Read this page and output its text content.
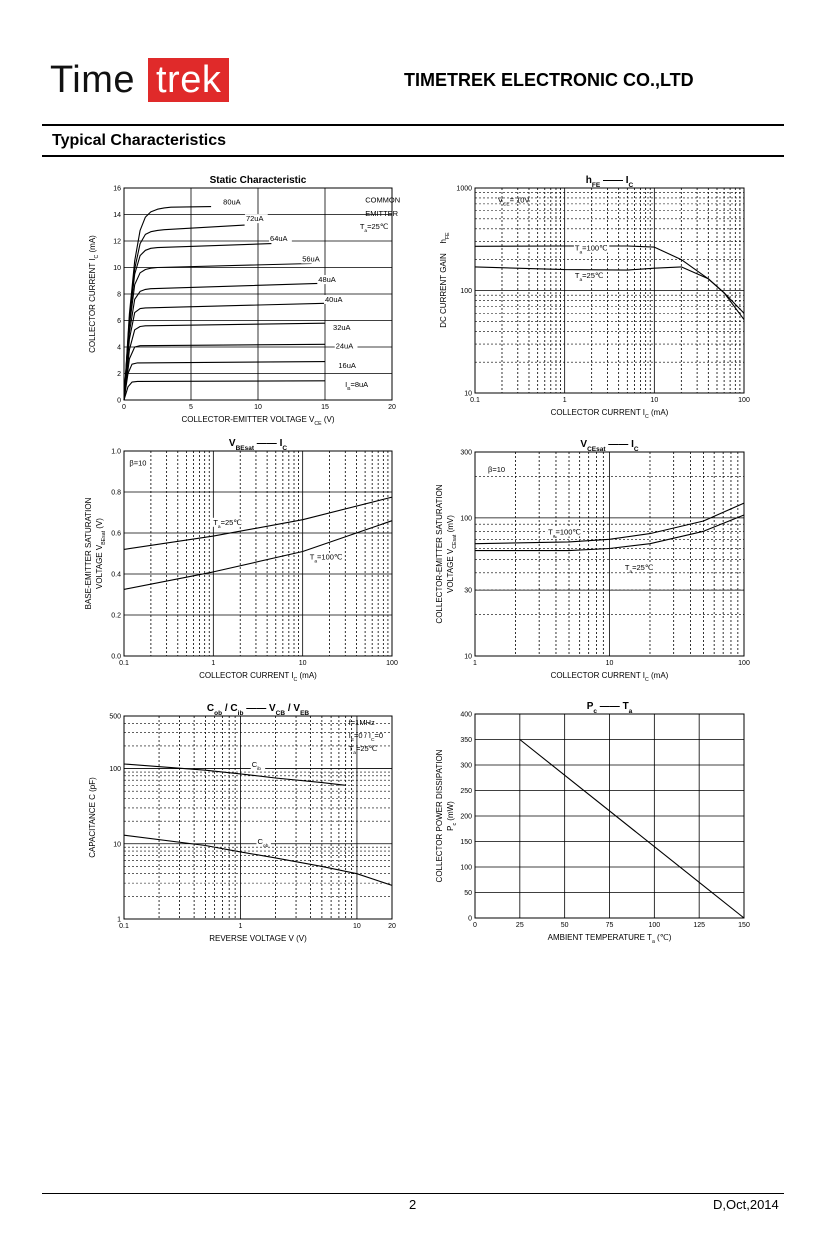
Time trek	TIMETREK ELECTRONIC CO.,LTD
Typical Characteristics
0	5	10	15	20
0
2
4
6
8
10
12
14
16
Static Characteristic
COLLECTOR-EMITTER VOLTAGE $V_{CE}$ (V)
COLLECTOR CURRENT $I_C$ (mA)
80uA
72uA
64uA
56uA
48uA
40uA
32uA
24uA
16uA
$I_B=8uA$
COMMON
EMITTER
$T_a=25℃$
0.1	1	10	100
10
100
1000
$h_{FE}$ —— $I_C$
COLLECTOR CURRENT $I_C$ (mA)
DC CURRENT GAIN
$h_{FE}$
$T_a=100℃$
$T_a=25℃$
$V_{CE}= 10V$
0.1	1	10	100
0.0
0.2
0.4
0.6
0.8
1.0
$V_{BEsat}$ —— $I_C$
COLLECTOR CURRENT $I_C$ (mA)
BASE-EMITTER SATURATION VOLTAGE $V_{BEsat}$ (V)	$T_a=25℃$
$T_a=100℃$
β=10
1	10	100
10
30
100
300
$V_{CEsat}$ —— $I_C$
COLLECTOR CURRENT $I_C$ (mA)
COLLECTOR-EMITTER SATURATION VOLTAGE $V_{CEsat}$ (mV)	$T_a=100℃$
$T_a=25℃$
β=10
0.1	1	10	20
1
10
100
500
$C_{ob} / C_{ib}$ —— $V_{CB} / V_{EB}$
REVERSE VOLTAGE V (V)
CAPACITANCE C (pF)
$C_{ib}$
$C_{ob}$
f=1MHz
$I_E=0 / I_C=0$
$T_a=25℃$
0	25	50	75	100	125	150
0
50
100
150
200
250
300
350
400
$P_c$ —— $T_a$
AMBIENT TEMPERATURE $T_a$ (℃)
COLLECTOR POWER DISSIPATION $P_c$ (mW)
2	D,Oct,2014
